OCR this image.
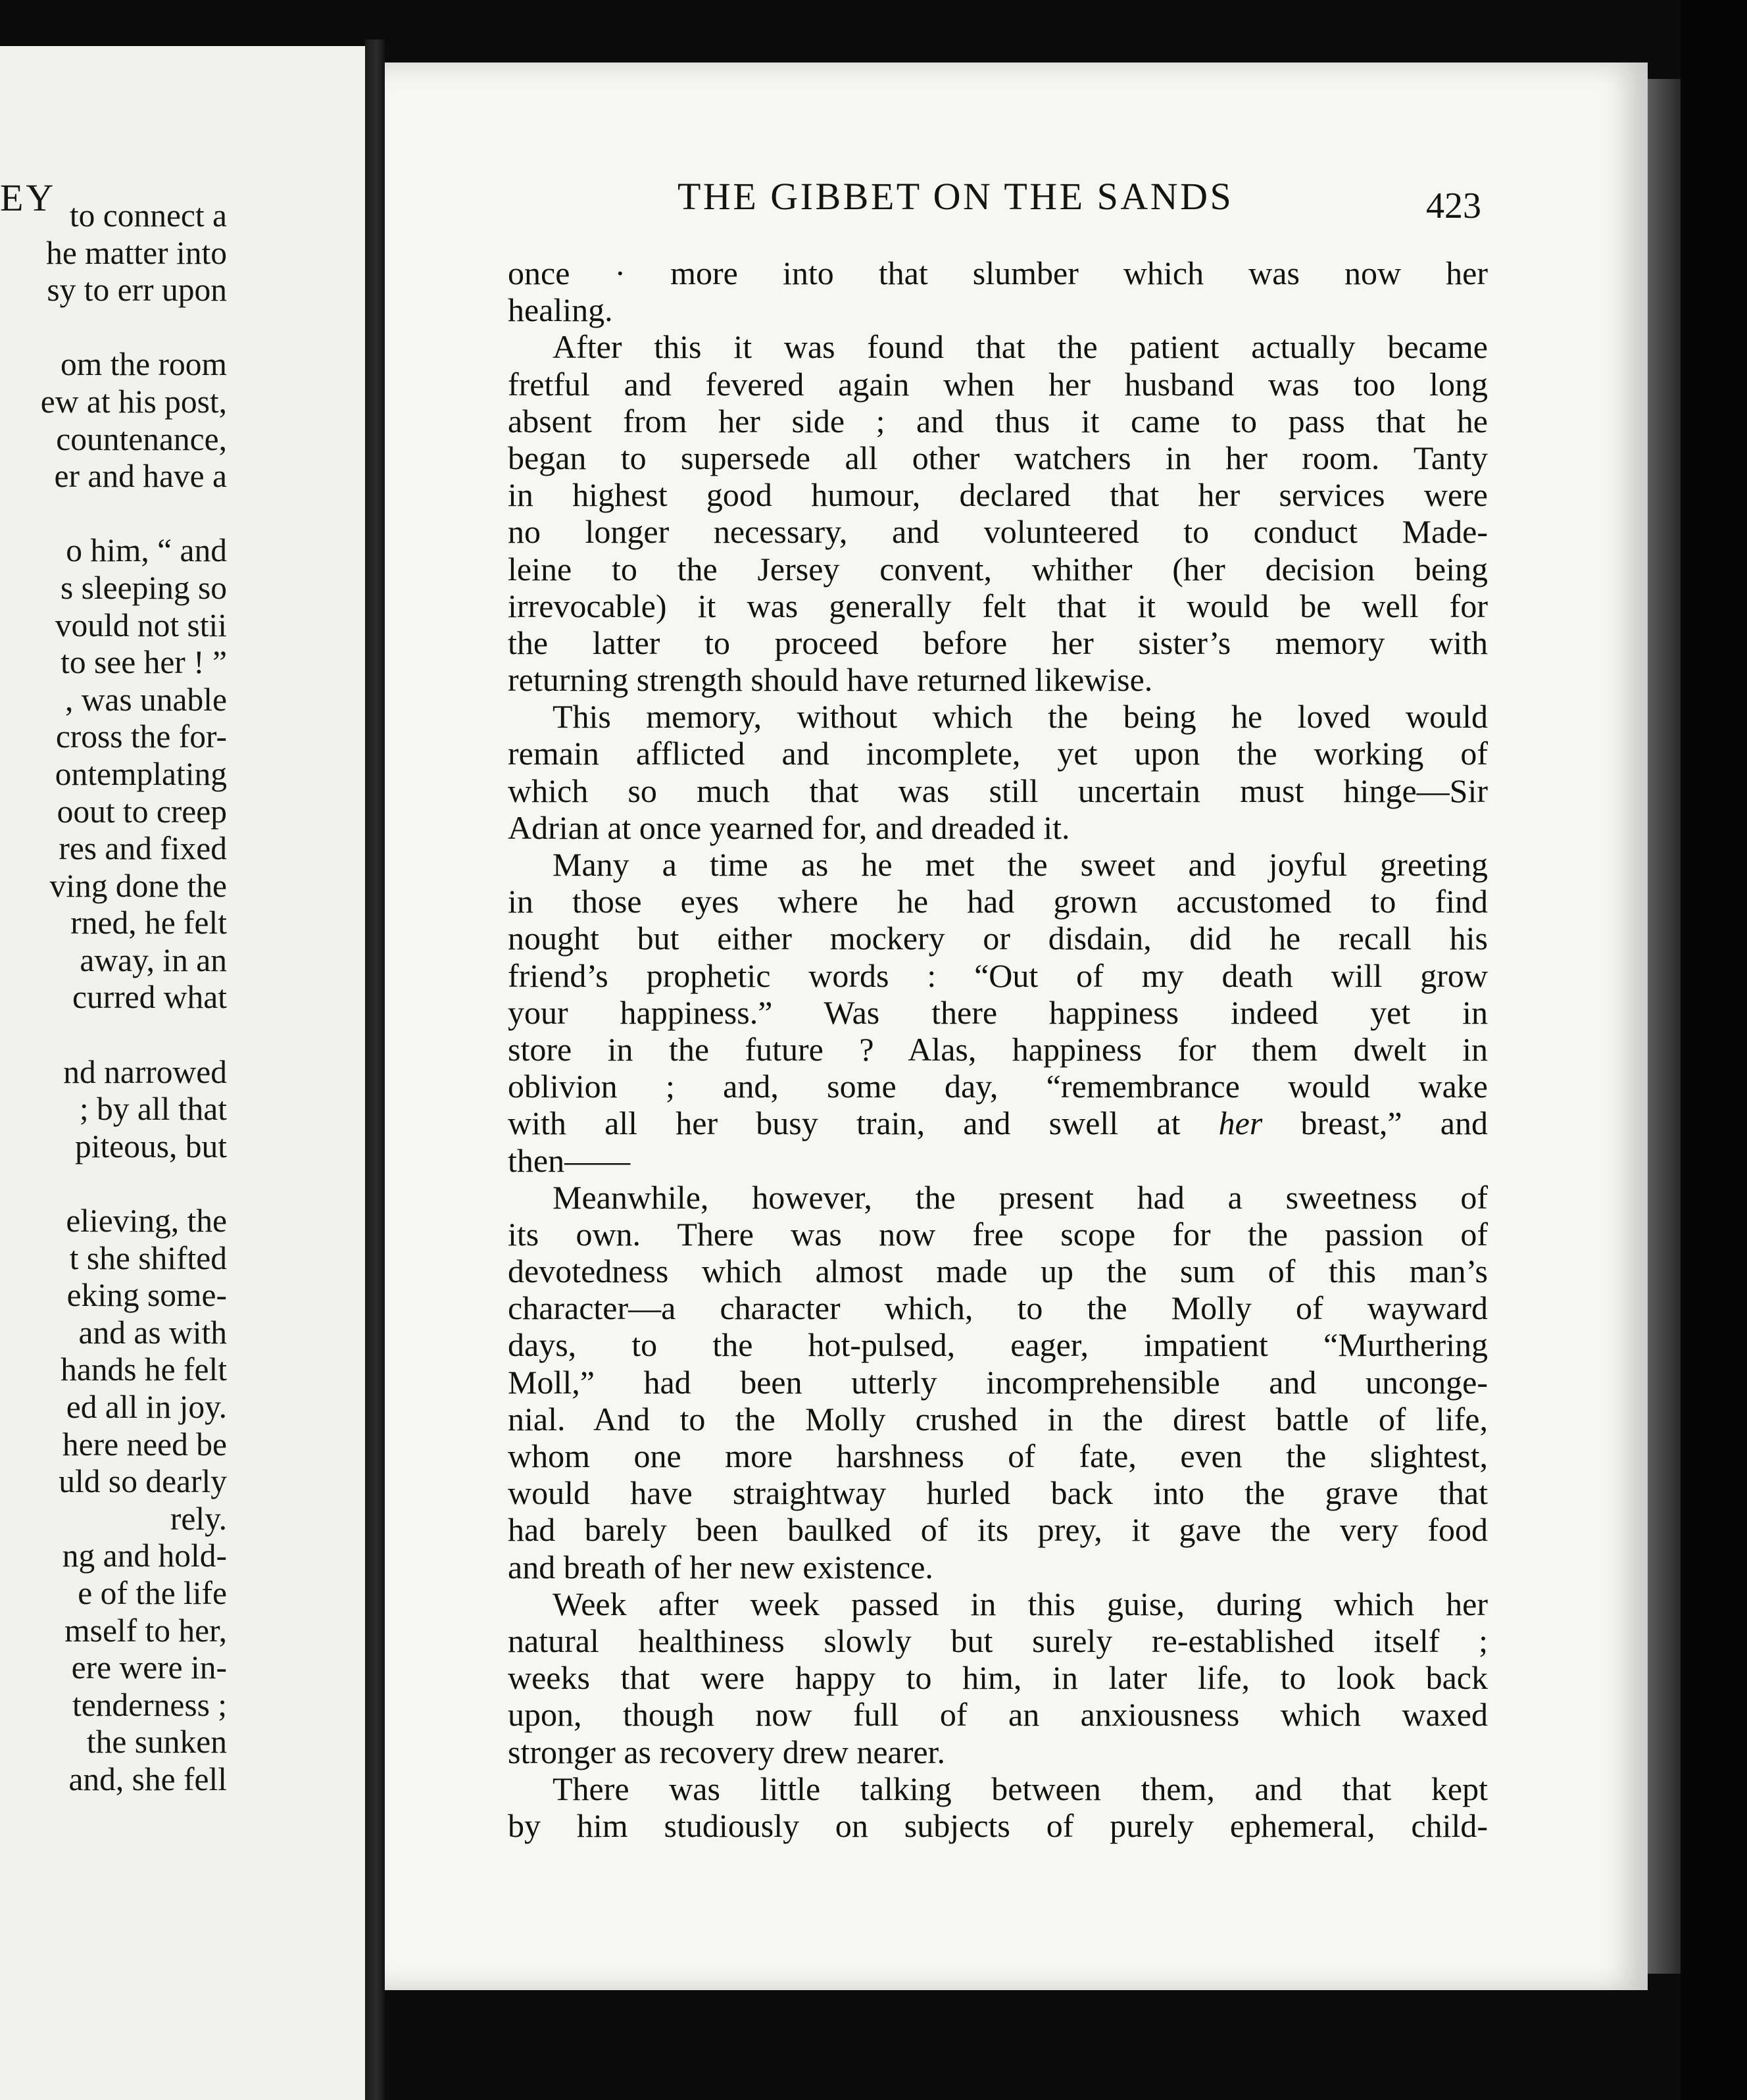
EY to connect a
he matter into
sy to err upon
om the room
ew at his post,
countenance,
er and have a
o him, “ and
s sleeping so
vould not stii
to see her ! ”
, was unable
cross the for-
ontemplating
oout to creep
res and fixed
ving done the
rned, he felt
away, in an
curred what
nd narrowed
; by all that
piteous, but
elieving, the
t she shifted
eking some-
and as with
hands he felt
ed all in joy.
here need be
uld so dearly
rely.
ng and hold-
e of the life
mself to her,
ere were in-
tenderness ;
the sunken
and, she fell
THE GIBBET ON THE SANDS	423
once · more into that slumber which was now her
healing.
After this it was found that the patient actually became
fretful and fevered again when her husband was too long
absent from her side ; and thus it came to pass that he
began to supersede all other watchers in her room. Tanty
in highest good humour, declared that her services were
no longer necessary, and volunteered to conduct Made-
leine to the Jersey convent, whither (her decision being
irrevocable) it was generally felt that it would be well for
the latter to proceed before her sister’s memory with
returning strength should have returned likewise.
This memory, without which the being he loved would
remain afflicted and incomplete, yet upon the working of
which so much that was still uncertain must hinge—Sir
Adrian at once yearned for, and dreaded it.
Many a time as he met the sweet and joyful greeting
in those eyes where he had grown accustomed to find
nought but either mockery or disdain, did he recall his
friend’s prophetic words : “Out of my death will grow
your happiness.” Was there happiness indeed yet in
store in the future ? Alas, happiness for them dwelt in
oblivion ; and, some day, “remembrance would wake
with all her busy train, and swell at her breast,” and
then——
Meanwhile, however, the present had a sweetness of
its own. There was now free scope for the passion of
devotedness which almost made up the sum of this man’s
character—a character which, to the Molly of wayward
days, to the hot-pulsed, eager, impatient “Murthering
Moll,” had been utterly incomprehensible and unconge-
nial. And to the Molly crushed in the direst battle of life,
whom one more harshness of fate, even the slightest,
would have straightway hurled back into the grave that
had barely been baulked of its prey, it gave the very food
and breath of her new existence.
Week after week passed in this guise, during which her
natural healthiness slowly but surely re-established itself ;
weeks that were happy to him, in later life, to look back
upon, though now full of an anxiousness which waxed
stronger as recovery drew nearer.
There was little talking between them, and that kept
by him studiously on subjects of purely ephemeral, child-
